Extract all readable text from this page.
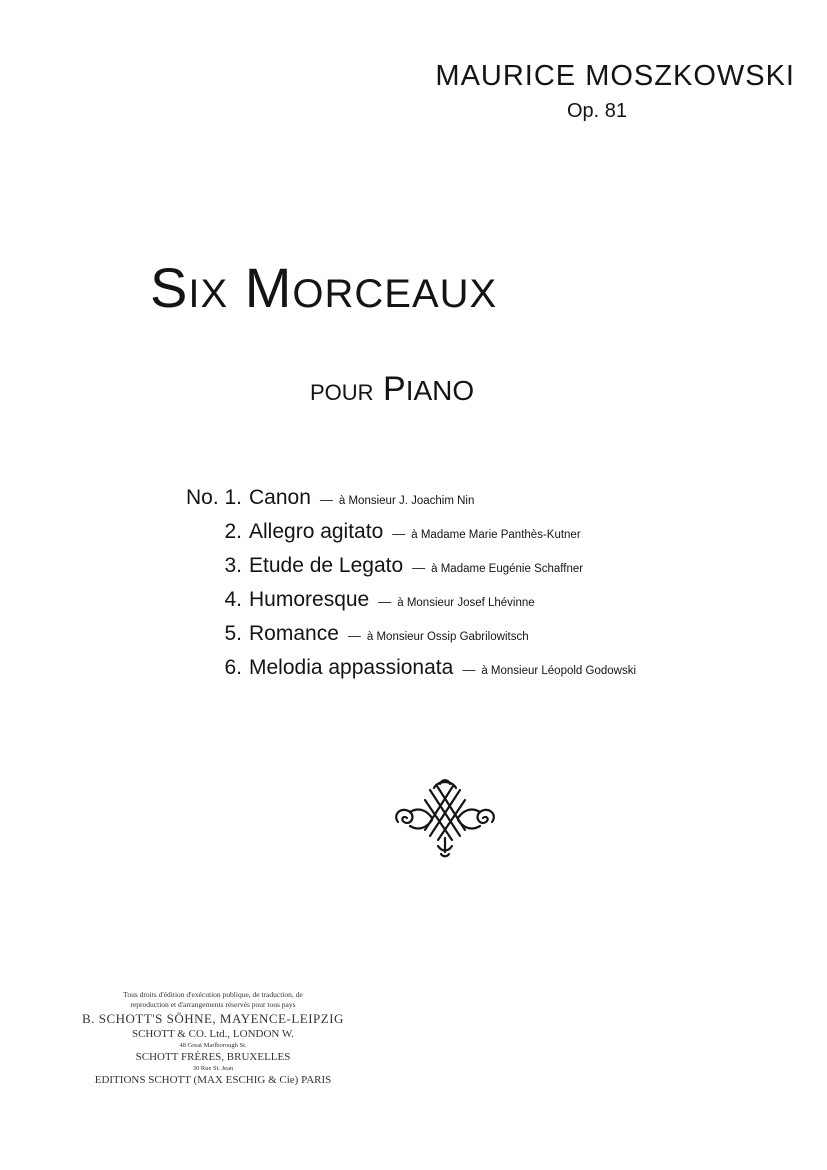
MAURICE MOSZKOWSKI
Op. 81
SIX MORCEAUX
POUR PIANO
No. 1. Canon — à Monsieur J. Joachim Nin
2. Allegro agitato — à Madame Marie Panthès-Kutner
3. Etude de Legato — à Madame Eugénie Schaffner
4. Humoresque — à Monsieur Josef Lhévinne
5. Romance — à Monsieur Ossip Gabrilowitsch
6. Melodia appassionata — à Monsieur Léopold Godowski
Tous droits d'édition d'exécution publique, de traduction, de
reproduction et d'arrangements réservés pour tous pays
B. SCHOTT'S SÖHNE, MAYENCE-LEIPZIG
SCHOTT & CO. Ltd., LONDON W.
48 Great Marlborough St.
SCHOTT FRÈRES, BRUXELLES
30 Rue St. Jean
EDITIONS SCHOTT (MAX ESCHIG & Cie) PARIS
